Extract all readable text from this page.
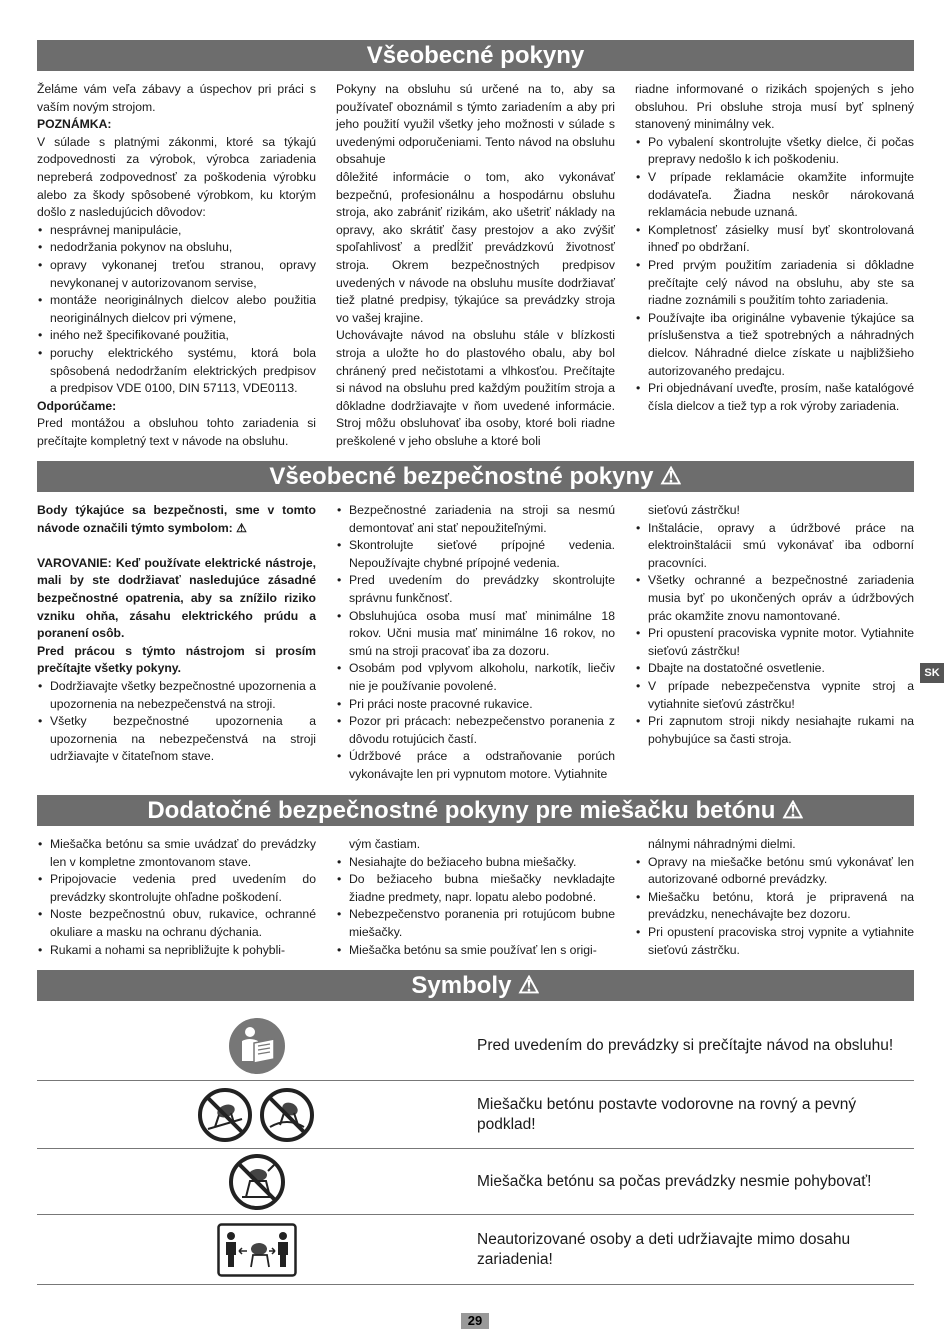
Všeobecné pokyny

Želáme vám veľa zábavy a úspechov pri práci s vaším novým strojom.

POZNÁMKA:

V súlade s platnými zákonmi, ktoré sa týkajú zodpovednosti za výrobok, výrobca zariadenia nepreberá zodpovednosť za poškodenia výrobku alebo za škody spôsobené výrobkom, ku ktorým došlo z nasledujúcich dôvodov:

• nesprávnej manipulácie,
• nedodržania pokynov na obsluhu,
• opravy vykonanej treťou stranou, opravy nevykonanej v autorizovanom servise,
• montáže neoriginálnych dielcov alebo použitia neoriginálnych dielcov pri výmene,
• iného než špecifikované použitia,
• poruchy elektrického systému, ktorá bola spôsobená nedodržaním elektrických predpisov a predpisov VDE 0100, DIN 57113, VDE0113.

Odporúčame:

Pred montážou a obsluhou tohto zariadenia si prečítajte kompletný text v návode na obsluhu.

Pokyny na obsluhu sú určené na to, aby sa používateľ oboznámil s týmto zariadením a aby pri jeho použití využil všetky jeho možnosti v súlade s uvedenými odporučeniami. Tento návod na obsluhu obsahuje

dôležité informácie o tom, ako vykonávať bezpečnú, profesionálnu a hospodárnu obsluhu stroja, ako zabrániť rizikám, ako ušetriť náklady na opravy, ako skrátiť časy prestojov a ako zvýšiť spoľahlivosť a predĺžiť prevádzkovú životnosť stroja. Okrem bezpečnostných predpisov uvedených v návode na obsluhu musíte dodržiavať tiež platné predpisy, týkajúce sa prevádzky stroja vo vašej krajine.

Uchovávajte návod na obsluhu stále v blízkosti stroja a uložte ho do plastového obalu, aby bol chránený pred nečistotami a vlhkosťou. Prečítajte si návod na obsluhu pred každým použitím stroja a dôkladne dodržiavajte v ňom uvedené informácie. Stroj môžu obsluhovať iba osoby, ktoré boli riadne preškolené v jeho obsluhe a ktoré boli

riadne informované o rizikách spojených s jeho obsluhou. Pri obsluhe stroja musí byť splnený stanovený minimálny vek.

• Po vybalení skontrolujte všetky dielce, či počas prepravy nedošlo k ich poškodeniu.
• V prípade reklamácie okamžite informujte dodávateľa. Žiadna neskôr nárokovaná reklamácia nebude uznaná.
• Kompletnosť zásielky musí byť skontrolovaná ihneď po obdržaní.
• Pred prvým použitím zariadenia si dôkladne prečítajte celý návod na obsluhu, aby ste sa riadne zoznámili s použitím tohto zariadenia.
• Používajte iba originálne vybavenie týkajúce sa príslušenstva a tiež spotrebných a náhradných dielcov. Náhradné dielce získate u najbližšieho autorizovaného predajcu.
• Pri objednávaní uveďte, prosím, naše katalógové čísla dielcov a tiež typ a rok výroby zariadenia.
Všeobecné bezpečnostné pokyny ⚠

Body týkajúce sa bezpečnosti, sme v tomto návode označili týmto symbolom: ⚠

VAROVANIE: Keď používate elektrické nástroje, mali by ste dodržiavať nasledujúce zásadné bezpečnostné opatrenia, aby sa znížilo riziko vzniku ohňa, zásahu elektrického prúdu a poranení osôb.

Pred prácou s týmto nástrojom si prosím prečítajte všetky pokyny.

• Dodržiavajte všetky bezpečnostné upozornenia a upozornenia na nebezpečenstvá na stroji.
• Všetky bezpečnostné upozornenia a upozornenia na nebezpečenstvá na stroji udržiavajte v čitateľnom stave.
• Bezpečnostné zariadenia na stroji sa nesmú demontovať ani stať nepoužiteľnými.
• Skontrolujte sieťové prípojné vedenia. Nepoužívajte chybné prípojné vedenia.
• Pred uvedením do prevádzky skontrolujte správnu funkčnosť.
• Obsluhujúca osoba musí mať minimálne 18 rokov. Učni musia mať minimálne 16 rokov, no smú na stroji pracovať iba za dozoru.
• Osobám pod vplyvom alkoholu, narkotík, liečiv nie je používanie povolené.
• Pri práci noste pracovné rukavice.
• Pozor pri prácach: nebezpečenstvo poranenia z dôvodu rotujúcich častí.
• Údržbové práce a odstraňovanie porúch vykonávajte len pri vypnutom motore. Vytiahnite
sieťovú zástrčku!
• Inštalácie, opravy a údržbové práce na elektroinštalácii smú vykonávať iba odborní pracovníci.
• Všetky ochranné a bezpečnostné zariadenia musia byť po ukončených opráv a údržbových prác okamžite znovu namontované.
• Pri opustení pracoviska vypnite motor. Vytiahnite sieťovú zástrčku!
• Dbajte na dostatočné osvetlenie.
• V prípade nebezpečenstva vypnite stroj a vytiahnite sieťovú zástrčku!
• Pri zapnutom stroji nikdy nesiahajte rukami na pohybujúce sa časti stroja.
SK
Dodatočné bezpečnostné pokyny pre miešačku betónu ⚠
• Miešačka betónu sa smie uvádzať do prevádzky len v kompletne zmontovanom stave.
• Pripojovacie vedenia pred uvedením do prevádzky skontrolujte ohľadne poškodení.
• Noste bezpečnostnú obuv, rukavice, ochranné okuliare a masku na ochranu dýchania.
• Rukami a nohami sa nepribližujte k pohybli-
vým častiam.
• Nesiahajte do bežiaceho bubna miešačky.
• Do bežiaceho bubna miešačky nevkladajte žiadne predmety, napr. lopatu alebo podobné.
• Nebezpečenstvo poranenia pri rotujúcom bubne miešačky.
• Miešačka betónu sa smie používať len s origi-
nálnymi náhradnými dielmi.
• Opravy na miešačke betónu smú vykonávať len autorizované odborné prevádzky.
• Miešačku betónu, ktorá je pripravená na prevádzku, nenechávajte bez dozoru.
• Pri opustení pracoviska stroj vypnite a vytiahnite sieťovú zástrčku.
Symboly ⚠
Pred uvedením do prevádzky si prečítajte návod na obsluhu!
Miešačku betónu postavte vodorovne na rovný a pevný podklad!
Miešačka betónu sa počas prevádzky nesmie pohybovať!
Neautorizované osoby a deti udržiavajte mimo dosahu zariadenia!
29
